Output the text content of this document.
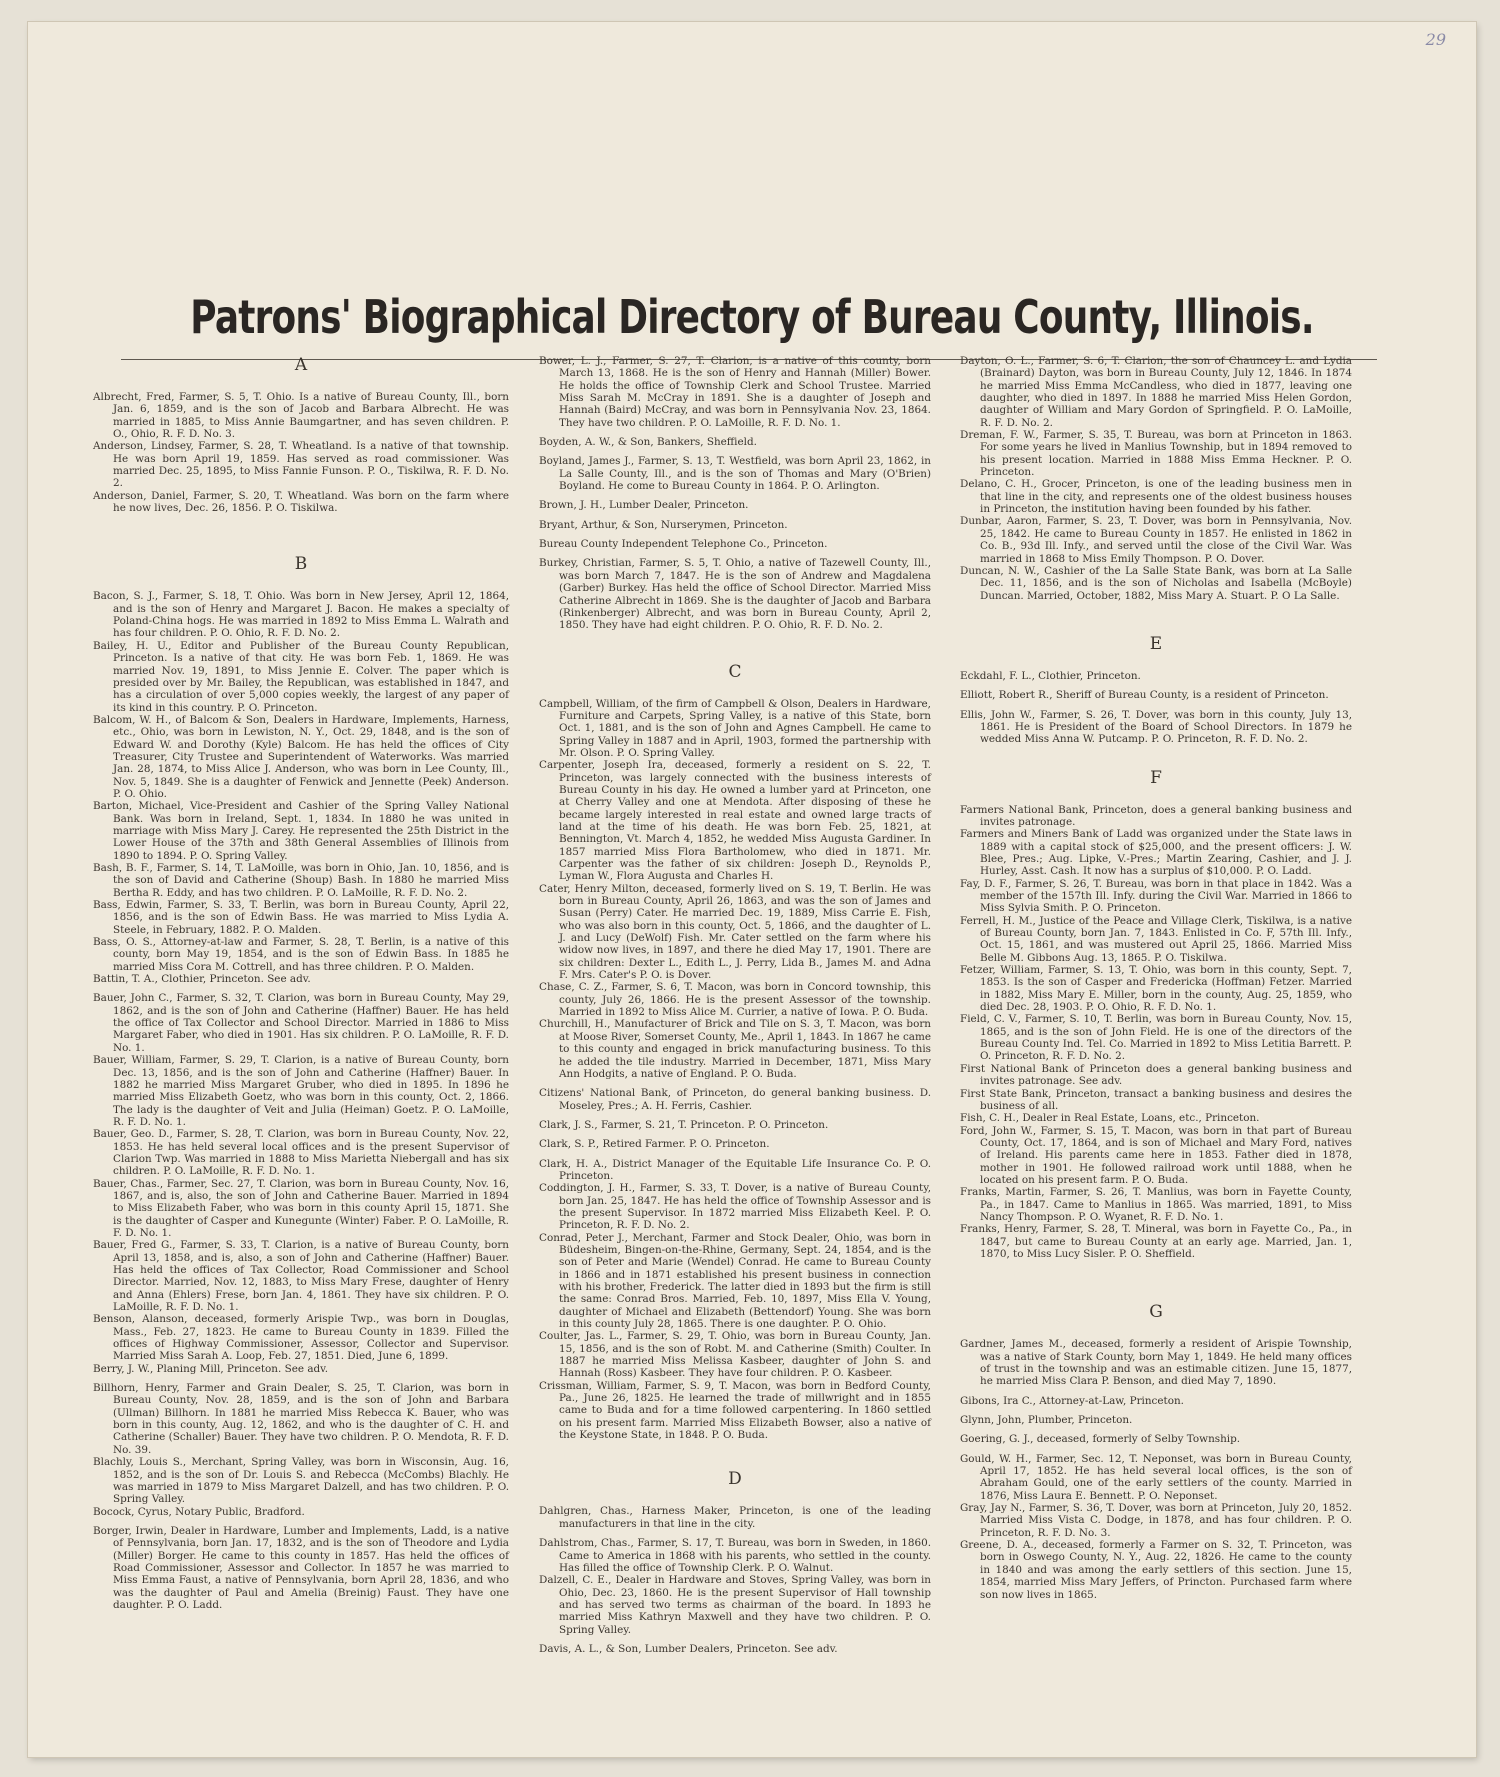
29
Patrons' Biographical Directory of Bureau County, Illinois.
A

Albrecht, Fred, Farmer, S. 5, T. Ohio. Is a native of Bureau County, Ill., born Jan. 6, 1859, and is the son of Jacob and Barbara Albrecht. He was married in 1885, to Miss Annie Baumgartner, and has seven children. P. O., Ohio, R. F. D. No. 3.

Anderson, Lindsey, Farmer, S. 28, T. Wheatland. Is a native of that township. He was born April 19, 1859. Has served as road commissioner. Was married Dec. 25, 1895, to Miss Fannie Funson. P. O., Tiskilwa, R. F. D. No. 2.

Anderson, Daniel, Farmer, S. 20, T. Wheatland. Was born on the farm where he now lives, Dec. 26, 1856. P. O. Tiskilwa.

B

Bacon, S. J., Farmer, S. 18, T. Ohio. Was born in New Jersey, April 12, 1864, and is the son of Henry and Margaret J. Bacon. He makes a specialty of Poland-China hogs. He was married in 1892 to Miss Emma L. Walrath and has four children. P. O. Ohio, R. F. D. No. 2.

Bailey, H. U., Editor and Publisher of the Bureau County Republican, Princeton. Is a native of that city. He was born Feb. 1, 1869. He was married Nov. 19, 1891, to Miss Jennie E. Colver. The paper which is presided over by Mr. Bailey, the Republican, was established in 1847, and has a circulation of over 5,000 copies weekly, the largest of any paper of its kind in this country. P. O. Princeton.

Balcom, W. H., of Balcom & Son, Dealers in Hardware, Implements, Harness, etc., Ohio, was born in Lewiston, N. Y., Oct. 29, 1848, and is the son of Edward W. and Dorothy (Kyle) Balcom. He has held the offices of City Treasurer, City Trustee and Superintendent of Waterworks. Was married Jan. 28, 1874, to Miss Alice J. Anderson, who was born in Lee County, Ill., Nov. 5, 1849. She is a daughter of Fenwick and Jennette (Peek) Anderson. P. O. Ohio.

Barton, Michael, Vice-President and Cashier of the Spring Valley National Bank. Was born in Ireland, Sept. 1, 1834. In 1880 he was united in marriage with Miss Mary J. Carey. He represented the 25th District in the Lower House of the 37th and 38th General Assemblies of Illinois from 1890 to 1894. P. O. Spring Valley.

Bash, B. F., Farmer, S. 14, T. LaMoille, was born in Ohio, Jan. 10, 1856, and is the son of David and Catherine (Shoup) Bash. In 1880 he married Miss Bertha R. Eddy, and has two children. P. O. LaMoille, R. F. D. No. 2.

Bass, Edwin, Farmer, S. 33, T. Berlin, was born in Bureau County, April 22, 1856, and is the son of Edwin Bass. He was married to Miss Lydia A. Steele, in February, 1882. P. O. Malden.

Bass, O. S., Attorney-at-law and Farmer, S. 28, T. Berlin, is a native of this county, born May 19, 1854, and is the son of Edwin Bass. In 1885 he married Miss Cora M. Cottrell, and has three children. P. O. Malden.

Battin, T. A., Clothier, Princeton. See adv.

Bauer, John C., Farmer, S. 32, T. Clarion, was born in Bureau County, May 29, 1862, and is the son of John and Catherine (Haffner) Bauer. He has held the office of Tax Collector and School Director. Married in 1886 to Miss Margaret Faber, who died in 1901. Has six children. P. O. LaMoille, R. F. D. No. 1.

Bauer, William, Farmer, S. 29, T. Clarion, is a native of Bureau County, born Dec. 13, 1856, and is the son of John and Catherine (Haffner) Bauer. In 1882 he married Miss Margaret Gruber, who died in 1895. In 1896 he married Miss Elizabeth Goetz, who was born in this county, Oct. 2, 1866. The lady is the daughter of Veit and Julia (Heiman) Goetz. P. O. LaMoille, R. F. D. No. 1.

Bauer, Geo. D., Farmer, S. 28, T. Clarion, was born in Bureau County, Nov. 22, 1853. He has held several local offices and is the present Supervisor of Clarion Twp. Was married in 1888 to Miss Marietta Niebergall and has six children. P. O. LaMoille, R. F. D. No. 1.

Bauer, Chas., Farmer, Sec. 27, T. Clarion, was born in Bureau County, Nov. 16, 1867, and is, also, the son of John and Catherine Bauer. Married in 1894 to Miss Elizabeth Faber, who was born in this county April 15, 1871. She is the daughter of Casper and Kunegunte (Winter) Faber. P. O. LaMoille, R. F. D. No. 1.

Bauer, Fred G., Farmer, S. 33, T. Clarion, is a native of Bureau County, born April 13, 1858, and is, also, a son of John and Catherine (Haffner) Bauer. Has held the offices of Tax Collector, Road Commissioner and School Director. Married, Nov. 12, 1883, to Miss Mary Frese, daughter of Henry and Anna (Ehlers) Frese, born Jan. 4, 1861. They have six children. P. O. LaMoille, R. F. D. No. 1.

Benson, Alanson, deceased, formerly Arispie Twp., was born in Douglas, Mass., Feb. 27, 1823. He came to Bureau County in 1839. Filled the offices of Highway Commissioner, Assessor, Collector and Supervisor. Married Miss Sarah A. Loop, Feb. 27, 1851. Died, June 6, 1899.

Berry, J. W., Planing Mill, Princeton. See adv.

Billhorn, Henry, Farmer and Grain Dealer, S. 25, T. Clarion, was born in Bureau County, Nov. 28, 1859, and is the son of John and Barbara (Ullman) Billhorn. In 1881 he married Miss Rebecca K. Bauer, who was born in this county, Aug. 12, 1862, and who is the daughter of C. H. and Catherine (Schaller) Bauer. They have two children. P. O. Mendota, R. F. D. No. 39.

Blachly, Louis S., Merchant, Spring Valley, was born in Wisconsin, Aug. 16, 1852, and is the son of Dr. Louis S. and Rebecca (McCombs) Blachly. He was married in 1879 to Miss Margaret Dalzell, and has two children. P. O. Spring Valley.

Bocock, Cyrus, Notary Public, Bradford.

Borger, Irwin, Dealer in Hardware, Lumber and Implements, Ladd, is a native of Pennsylvania, born Jan. 17, 1832, and is the son of Theodore and Lydia (Miller) Borger. He came to this county in 1857. Has held the offices of Road Commissioner, Assessor and Collector. In 1857 he was married to Miss Emma Faust, a native of Pennsylvania, born April 28, 1836, and who was the daughter of Paul and Amelia (Breinig) Faust. They have one daughter. P. O. Ladd.

Bower, L. J., Farmer, S. 27, T. Clarion, is a native of this county, born March 13, 1868. He is the son of Henry and Hannah (Miller) Bower. He holds the office of Township Clerk and School Trustee. Married Miss Sarah M. McCray in 1891. She is a daughter of Joseph and Hannah (Baird) McCray, and was born in Pennsylvania Nov. 23, 1864. They have two children. P. O. LaMoille, R. F. D. No. 1.

Boyden, A. W., & Son, Bankers, Sheffield.

Boyland, James J., Farmer, S. 13, T. Westfield, was born April 23, 1862, in La Salle County, Ill., and is the son of Thomas and Mary (O'Brien) Boyland. He come to Bureau County in 1864. P. O. Arlington.

Brown, J. H., Lumber Dealer, Princeton.

Bryant, Arthur, & Son, Nurserymen, Princeton.

Bureau County Independent Telephone Co., Princeton.

Burkey, Christian, Farmer, S. 5, T. Ohio, a native of Tazewell County, Ill., was born March 7, 1847. He is the son of Andrew and Magdalena (Garber) Burkey. Has held the office of School Director. Married Miss Catherine Albrecht in 1869. She is the daughter of Jacob and Barbara (Rinkenberger) Albrecht, and was born in Bureau County, April 2, 1850. They have had eight children. P. O. Ohio, R. F. D. No. 2.

C

Campbell, William, of the firm of Campbell & Olson, Dealers in Hardware, Furniture and Carpets, Spring Valley, is a native of this State, born Oct. 1, 1881, and is the son of John and Agnes Campbell. He came to Spring Valley in 1887 and in April, 1903, formed the partnership with Mr. Olson. P. O. Spring Valley.

Carpenter, Joseph Ira, deceased, formerly a resident on S. 22, T. Princeton, was largely connected with the business interests of Bureau County in his day. He owned a lumber yard at Princeton, one at Cherry Valley and one at Mendota. After disposing of these he became largely interested in real estate and owned large tracts of land at the time of his death. He was born Feb. 25, 1821, at Bennington, Vt. March 4, 1852, he wedded Miss Augusta Gardiner. In 1857 married Miss Flora Bartholomew, who died in 1871. Mr. Carpenter was the father of six children: Joseph D., Reynolds P., Lyman W., Flora Augusta and Charles H.

Cater, Henry Milton, deceased, formerly lived on S. 19, T. Berlin. He was born in Bureau County, April 26, 1863, and was the son of James and Susan (Perry) Cater. He married Dec. 19, 1889, Miss Carrie E. Fish, who was also born in this county, Oct. 5, 1866, and the daughter of L. J. and Lucy (DeWolf) Fish. Mr. Cater settled on the farm where his widow now lives, in 1897, and there he died May 17, 1901. There are six children: Dexter L., Edith L., J. Perry, Lida B., James M. and Adna F. Mrs. Cater's P. O. is Dover.

Chase, C. Z., Farmer, S. 6, T. Macon, was born in Concord township, this county, July 26, 1866. He is the present Assessor of the township. Married in 1892 to Miss Alice M. Currier, a native of Iowa. P. O. Buda.

Churchill, H., Manufacturer of Brick and Tile on S. 3, T. Macon, was born at Moose River, Somerset County, Me., April 1, 1843. In 1867 he came to this county and engaged in brick manufacturing business. To this he added the tile industry. Married in December, 1871, Miss Mary Ann Hodgits, a native of England. P. O. Buda.

Citizens' National Bank, of Princeton, do general banking business. D. Moseley, Pres.; A. H. Ferris, Cashier.

Clark, J. S., Farmer, S. 21, T. Princeton. P. O. Princeton.

Clark, S. P., Retired Farmer. P. O. Princeton.

Clark, H. A., District Manager of the Equitable Life Insurance Co. P. O. Princeton.

Coddington, J. H., Farmer, S. 33, T. Dover, is a native of Bureau County, born Jan. 25, 1847. He has held the office of Township Assessor and is the present Supervisor. In 1872 married Miss Elizabeth Keel. P. O. Princeton, R. F. D. No. 2.

Conrad, Peter J., Merchant, Farmer and Stock Dealer, Ohio, was born in Büdesheim, Bingen-on-the-Rhine, Germany, Sept. 24, 1854, and is the son of Peter and Marie (Wendel) Conrad. He came to Bureau County in 1866 and in 1871 established his present business in connection with his brother, Frederick. The latter died in 1893 but the firm is still the same: Conrad Bros. Married, Feb. 10, 1897, Miss Ella V. Young, daughter of Michael and Elizabeth (Bettendorf) Young. She was born in this county July 28, 1865. There is one daughter. P. O. Ohio.

Coulter, Jas. L., Farmer, S. 29, T. Ohio, was born in Bureau County, Jan. 15, 1856, and is the son of Robt. M. and Catherine (Smith) Coulter. In 1887 he married Miss Melissa Kasbeer, daughter of John S. and Hannah (Ross) Kasbeer. They have four children. P. O. Kasbeer.

Crissman, William, Farmer, S. 9, T. Macon, was born in Bedford County, Pa., June 26, 1825. He learned the trade of millwright and in 1855 came to Buda and for a time followed carpentering. In 1860 settled on his present farm. Married Miss Elizabeth Bowser, also a native of the Keystone State, in 1848. P. O. Buda.

D

Dahlgren, Chas., Harness Maker, Princeton, is one of the leading manufacturers in that line in the city.

Dahlstrom, Chas., Farmer, S. 17, T. Bureau, was born in Sweden, in 1860. Came to America in 1868 with his parents, who settled in the county. Has filled the office of Township Clerk. P. O. Walnut.

Dalzell, C. E., Dealer in Hardware and Stoves, Spring Valley, was born in Ohio, Dec. 23, 1860. He is the present Supervisor of Hall township and has served two terms as chairman of the board. In 1893 he married Miss Kathryn Maxwell and they have two children. P. O. Spring Valley.

Davis, A. L., & Son, Lumber Dealers, Princeton. See adv.

Dayton, O. L., Farmer, S. 6, T. Clarion, the son of Chauncey L. and Lydia (Brainard) Dayton, was born in Bureau County, July 12, 1846. In 1874 he married Miss Emma McCandless, who died in 1877, leaving one daughter, who died in 1897. In 1888 he married Miss Helen Gordon, daughter of William and Mary Gordon of Springfield. P. O. LaMoille, R. F. D. No. 2.

Dreman, F. W., Farmer, S. 35, T. Bureau, was born at Princeton in 1863. For some years he lived in Manlius Township, but in 1894 removed to his present location. Married in 1888 Miss Emma Heckner. P. O. Princeton.

Delano, C. H., Grocer, Princeton, is one of the leading business men in that line in the city, and represents one of the oldest business houses in Princeton, the institution having been founded by his father.

Dunbar, Aaron, Farmer, S. 23, T. Dover, was born in Pennsylvania, Nov. 25, 1842. He came to Bureau County in 1857. He enlisted in 1862 in Co. B., 93d Ill. Infy., and served until the close of the Civil War. Was married in 1868 to Miss Emily Thompson. P. O. Dover.

Duncan, N. W., Cashier of the La Salle State Bank, was born at La Salle Dec. 11, 1856, and is the son of Nicholas and Isabella (McBoyle) Duncan. Married, October, 1882, Miss Mary A. Stuart. P. O La Salle.

E

Eckdahl, F. L., Clothier, Princeton.

Elliott, Robert R., Sheriff of Bureau County, is a resident of Princeton.

Ellis, John W., Farmer, S. 26, T. Dover, was born in this county, July 13, 1861. He is President of the Board of School Directors. In 1879 he wedded Miss Anna W. Putcamp. P. O. Princeton, R. F. D. No. 2.

F

Farmers National Bank, Princeton, does a general banking business and invites patronage.

Farmers and Miners Bank of Ladd was organized under the State laws in 1889 with a capital stock of $25,000, and the present officers: J. W. Blee, Pres.; Aug. Lipke, V.-Pres.; Martin Zearing, Cashier, and J. J. Hurley, Asst. Cash. It now has a surplus of $10,000. P. O. Ladd.

Fay, D. F., Farmer, S. 26, T. Bureau, was born in that place in 1842. Was a member of the 157th Ill. Infy. during the Civil War. Married in 1866 to Miss Sylvia Smith. P. O. Princeton.

Ferrell, H. M., Justice of the Peace and Village Clerk, Tiskilwa, is a native of Bureau County, born Jan. 7, 1843. Enlisted in Co. F, 57th Ill. Infy., Oct. 15, 1861, and was mustered out April 25, 1866. Married Miss Belle M. Gibbons Aug. 13, 1865. P. O. Tiskilwa.

Fetzer, William, Farmer, S. 13, T. Ohio, was born in this county, Sept. 7, 1853. Is the son of Casper and Fredericka (Hoffman) Fetzer. Married in 1882, Miss Mary E. Miller, born in the county, Aug. 25, 1859, who died Dec. 28, 1903. P. O. Ohio, R. F. D. No. 1.

Field, C. V., Farmer, S. 10, T. Berlin, was born in Bureau County, Nov. 15, 1865, and is the son of John Field. He is one of the directors of the Bureau County Ind. Tel. Co. Married in 1892 to Miss Letitia Barrett. P. O. Princeton, R. F. D. No. 2.

First National Bank of Princeton does a general banking business and invites patronage. See adv.

First State Bank, Princeton, transact a banking business and desires the business of all.

Fish, C. H., Dealer in Real Estate, Loans, etc., Princeton.

Ford, John W., Farmer, S. 15, T. Macon, was born in that part of Bureau County, Oct. 17, 1864, and is son of Michael and Mary Ford, natives of Ireland. His parents came here in 1853. Father died in 1878, mother in 1901. He followed railroad work until 1888, when he located on his present farm. P. O. Buda.

Franks, Martin, Farmer, S. 26, T. Manlius, was born in Fayette County, Pa., in 1847. Came to Manlius in 1865. Was married, 1891, to Miss Nancy Thompson. P. O. Wyanet, R. F. D. No. 1.

Franks, Henry, Farmer, S. 28, T. Mineral, was born in Fayette Co., Pa., in 1847, but came to Bureau County at an early age. Married, Jan. 1, 1870, to Miss Lucy Sisler. P. O. Sheffield.

G

Gardner, James M., deceased, formerly a resident of Arispie Township, was a native of Stark County, born May 1, 1849. He held many offices of trust in the township and was an estimable citizen. June 15, 1877, he married Miss Clara P. Benson, and died May 7, 1890.

Gibons, Ira C., Attorney-at-Law, Princeton.

Glynn, John, Plumber, Princeton.

Goering, G. J., deceased, formerly of Selby Township.

Gould, W. H., Farmer, Sec. 12, T. Neponset, was born in Bureau County, April 17, 1852. He has held several local offices, is the son of Abraham Gould, one of the early settlers of the county. Married in 1876, Miss Laura E. Bennett. P. O. Neponset.

Gray, Jay N., Farmer, S. 36, T. Dover, was born at Princeton, July 20, 1852. Married Miss Vista C. Dodge, in 1878, and has four children. P. O. Princeton, R. F. D. No. 3.

Greene, D. A., deceased, formerly a Farmer on S. 32, T. Princeton, was born in Oswego County, N. Y., Aug. 22, 1826. He came to the county in 1840 and was among the early settlers of this section. June 15, 1854, married Miss Mary Jeffers, of Princton. Purchased farm where son now lives in 1865.
